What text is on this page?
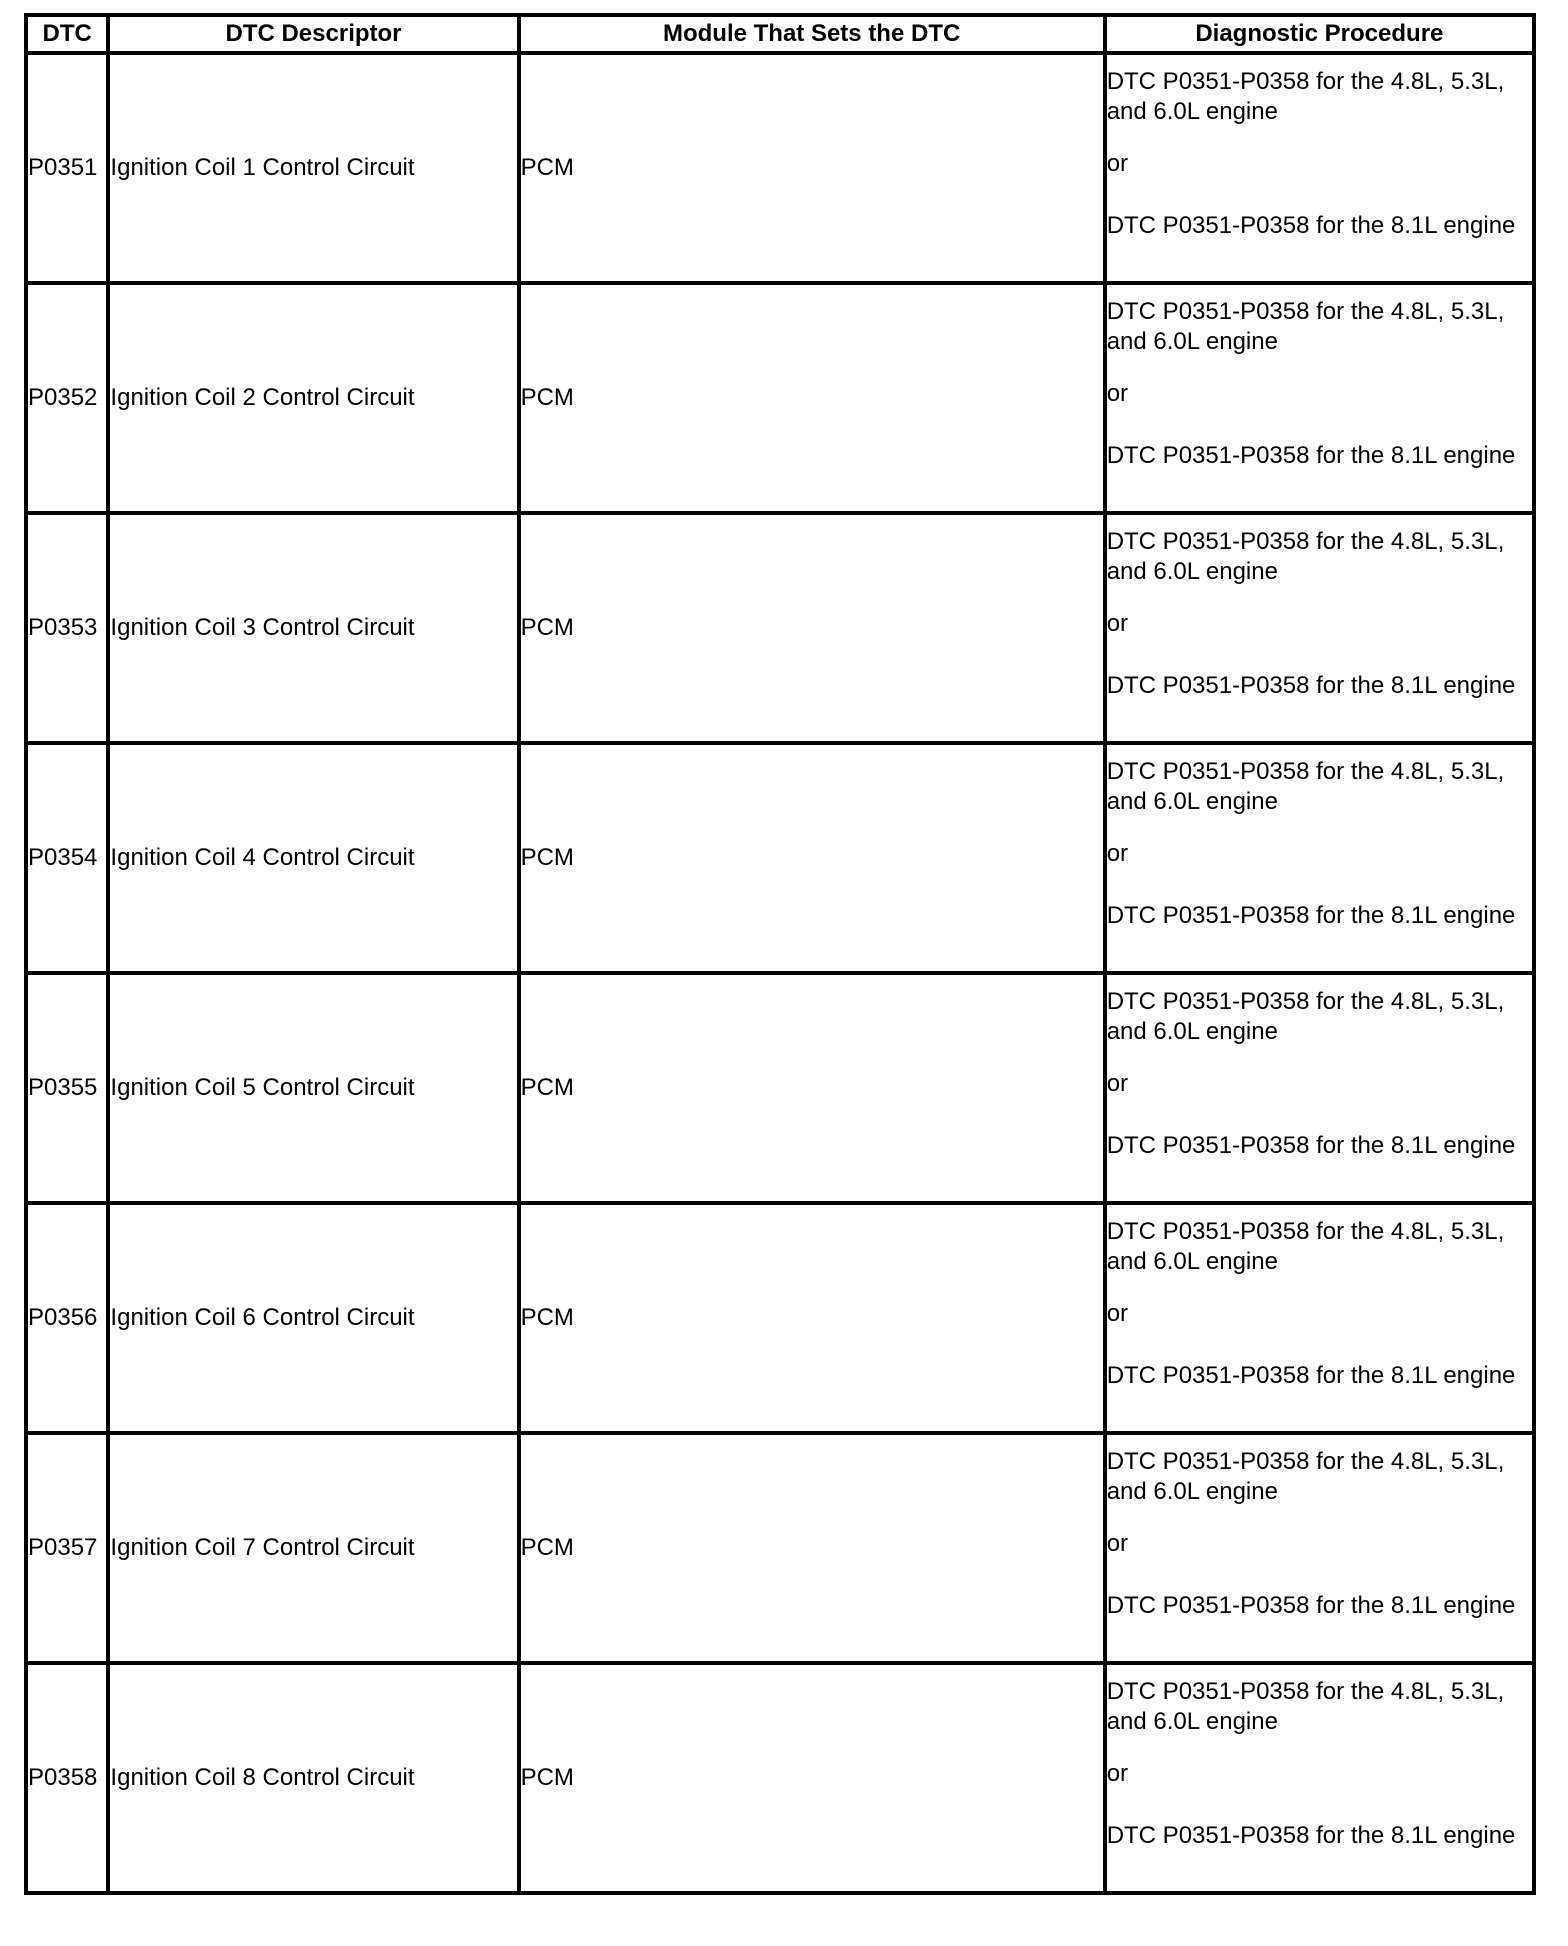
DTC	DTC Descriptor	Module That Sets the DTC	Diagnostic Procedure
P0351	Ignition Coil 1 Control Circuit	PCM	DTC P0351-P0358 for the 4.8L, 5.3L, and 6.0L engine
or
DTC P0351-P0358 for the 8.1L engine

P0352	Ignition Coil 2 Control Circuit	PCM	DTC P0351-P0358 for the 4.8L, 5.3L, and 6.0L engine
or
DTC P0351-P0358 for the 8.1L engine

P0353	Ignition Coil 3 Control Circuit	PCM	DTC P0351-P0358 for the 4.8L, 5.3L, and 6.0L engine
or
DTC P0351-P0358 for the 8.1L engine

P0354	Ignition Coil 4 Control Circuit	PCM	DTC P0351-P0358 for the 4.8L, 5.3L, and 6.0L engine
or
DTC P0351-P0358 for the 8.1L engine

P0355	Ignition Coil 5 Control Circuit	PCM	DTC P0351-P0358 for the 4.8L, 5.3L, and 6.0L engine
or
DTC P0351-P0358 for the 8.1L engine

P0356	Ignition Coil 6 Control Circuit	PCM	DTC P0351-P0358 for the 4.8L, 5.3L, and 6.0L engine
or
DTC P0351-P0358 for the 8.1L engine

P0357	Ignition Coil 7 Control Circuit	PCM	DTC P0351-P0358 for the 4.8L, 5.3L, and 6.0L engine
or
DTC P0351-P0358 for the 8.1L engine

P0358	Ignition Coil 8 Control Circuit	PCM	DTC P0351-P0358 for the 4.8L, 5.3L, and 6.0L engine
or
DTC P0351-P0358 for the 8.1L engine
